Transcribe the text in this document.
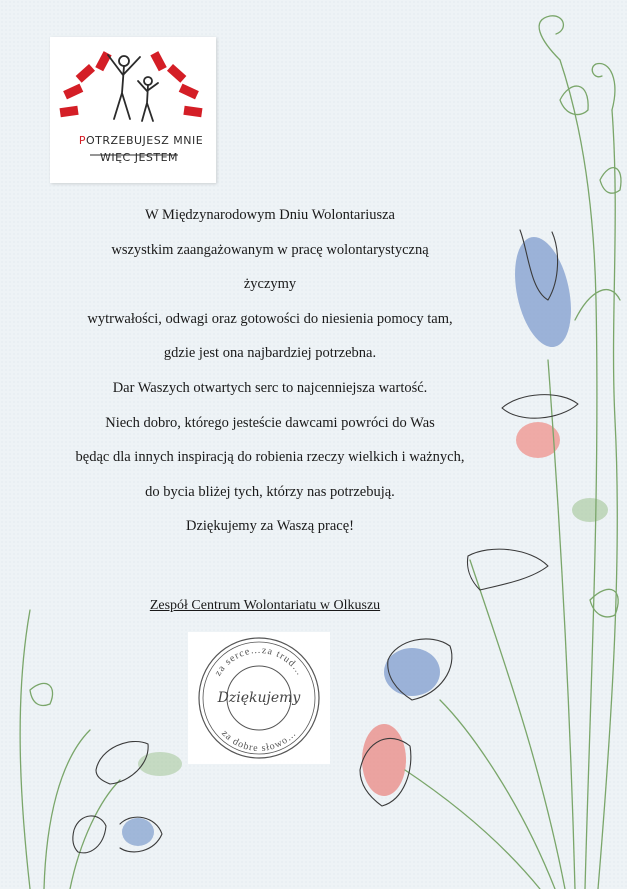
POTRZEBUJESZ MNIE
WIĘC JESTEM
W Międzynarodowym Dniu Wolontariusza
wszystkim zaangażowanym w pracę wolontarystyczną
życzymy
wytrwałości, odwagi oraz gotowości do niesienia pomocy tam,
gdzie jest ona najbardziej potrzebna.
Dar Waszych otwartych serc to najcenniejsza wartość.
Niech dobro, którego jesteście dawcami powróci do Was
będąc dla innych inspiracją do robienia rzeczy wielkich i ważnych,
do bycia bliżej tych, którzy nas potrzebują.
Dziękujemy za Waszą pracę!
Zespół Centrum Wolontariatu w Olkuszu
za serce…za trud…
za dobre słowo…
Dziękujemy
